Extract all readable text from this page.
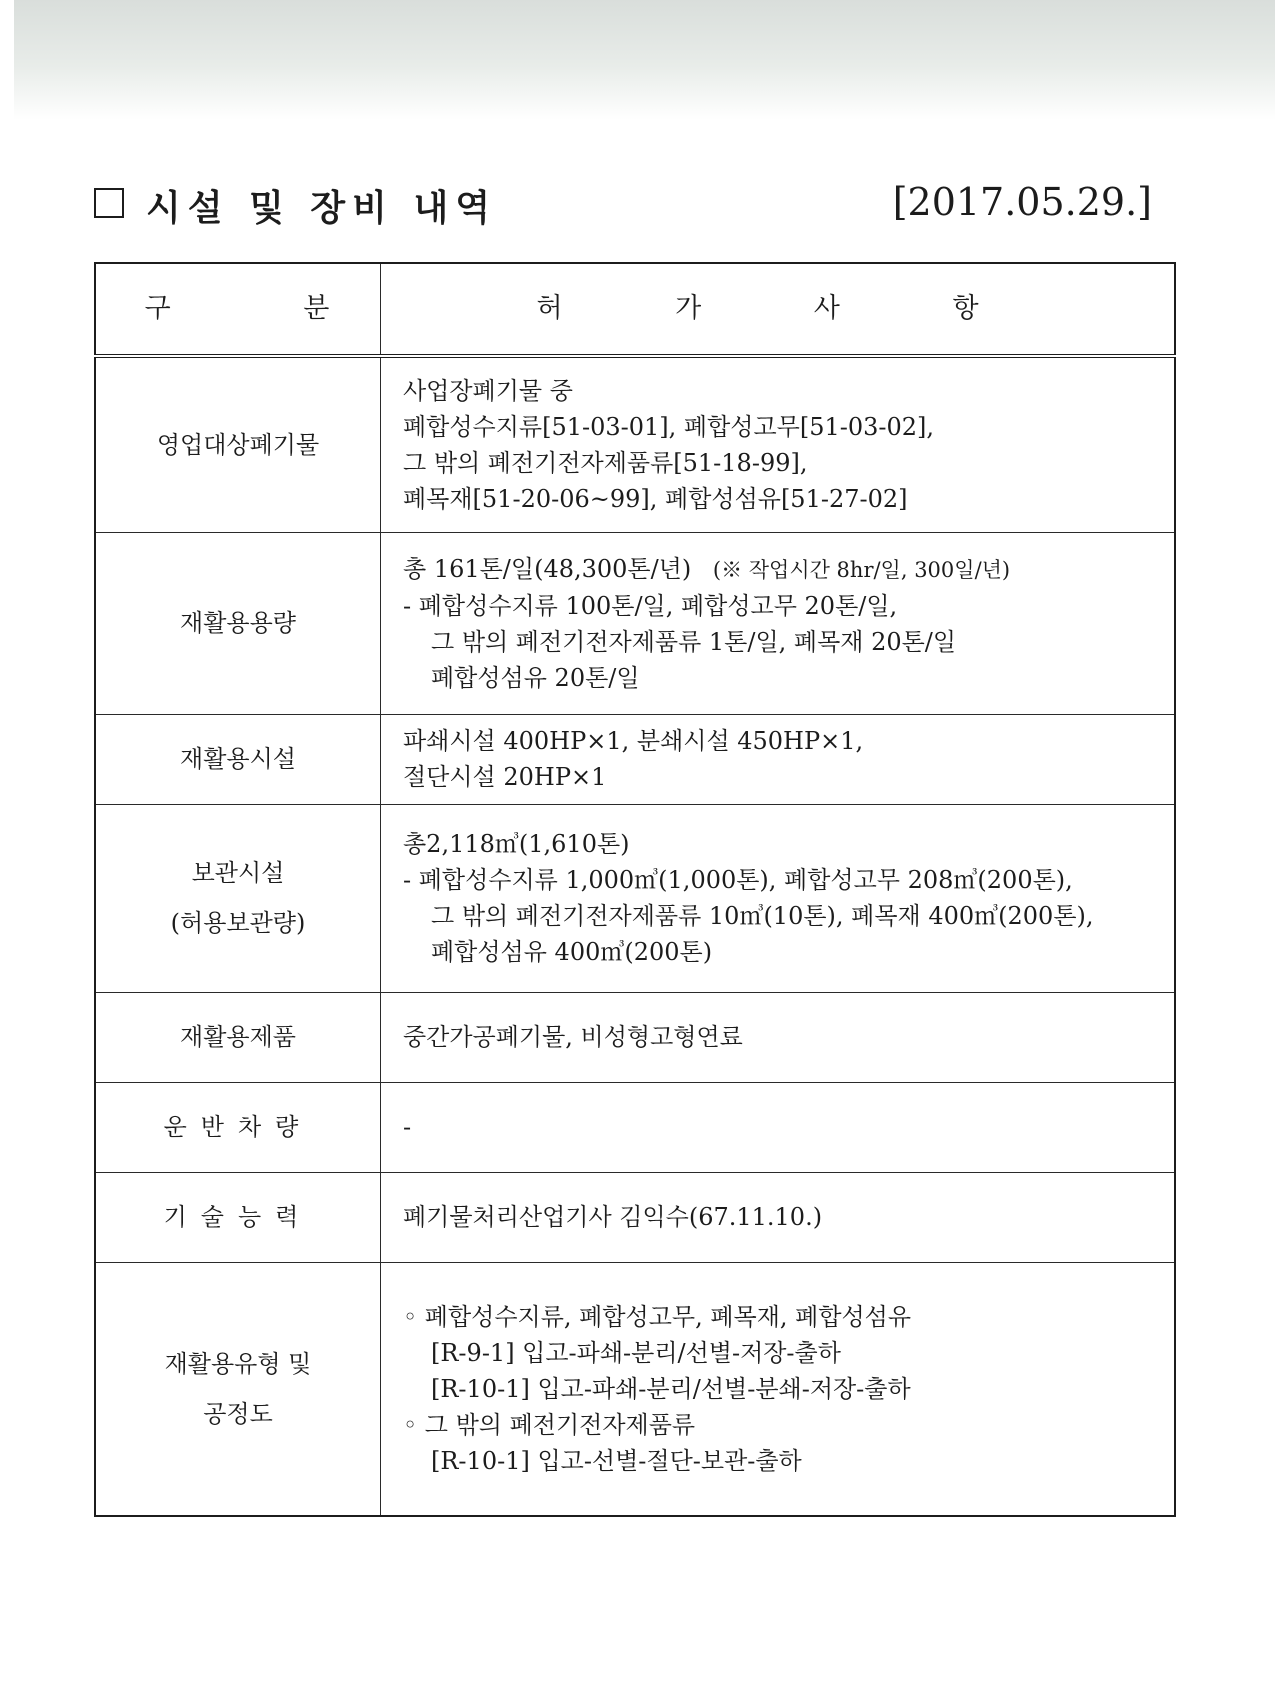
시설 및 장비 내역	[2017.05.29.]
구 분	허 가 사 항
영업대상폐기물	사업장폐기물 중
폐합성수지류[51-03-01], 폐합성고무[51-03-02],
그 밖의 폐전기전자제품류[51-18-99],
폐목재[51-20-06~99], 폐합성섬유[51-27-02]

재활용용량	총 161톤/일(48,300톤/년) (※ 작업시간 8hr/일, 300일/년)
- 폐합성수지류 100톤/일, 폐합성고무 20톤/일,
그 밖의 폐전기전자제품류 1톤/일, 폐목재 20톤/일
폐합성섬유 20톤/일

재활용시설	파쇄시설 400HP×1, 분쇄시설 450HP×1,
절단시설 20HP×1

보관시설
(허용보관량)	총2,118㎥(1,610톤)
- 폐합성수지류 1,000㎥(1,000톤), 폐합성고무 208㎥(200톤),
그 밖의 폐전기전자제품류 10㎥(10톤), 폐목재 400㎥(200톤),
폐합성섬유 400㎥(200톤)

재활용제품	중간가공폐기물, 비성형고형연료

운반차량	-

기술능력	폐기물처리산업기사 김익수(67.11.10.)

재활용유형 및
공정도	◦ 폐합성수지류, 폐합성고무, 폐목재, 폐합성섬유
[R-9-1] 입고-파쇄-분리/선별-저장-출하
[R-10-1] 입고-파쇄-분리/선별-분쇄-저장-출하
◦ 그 밖의 폐전기전자제품류
[R-10-1] 입고-선별-절단-보관-출하
